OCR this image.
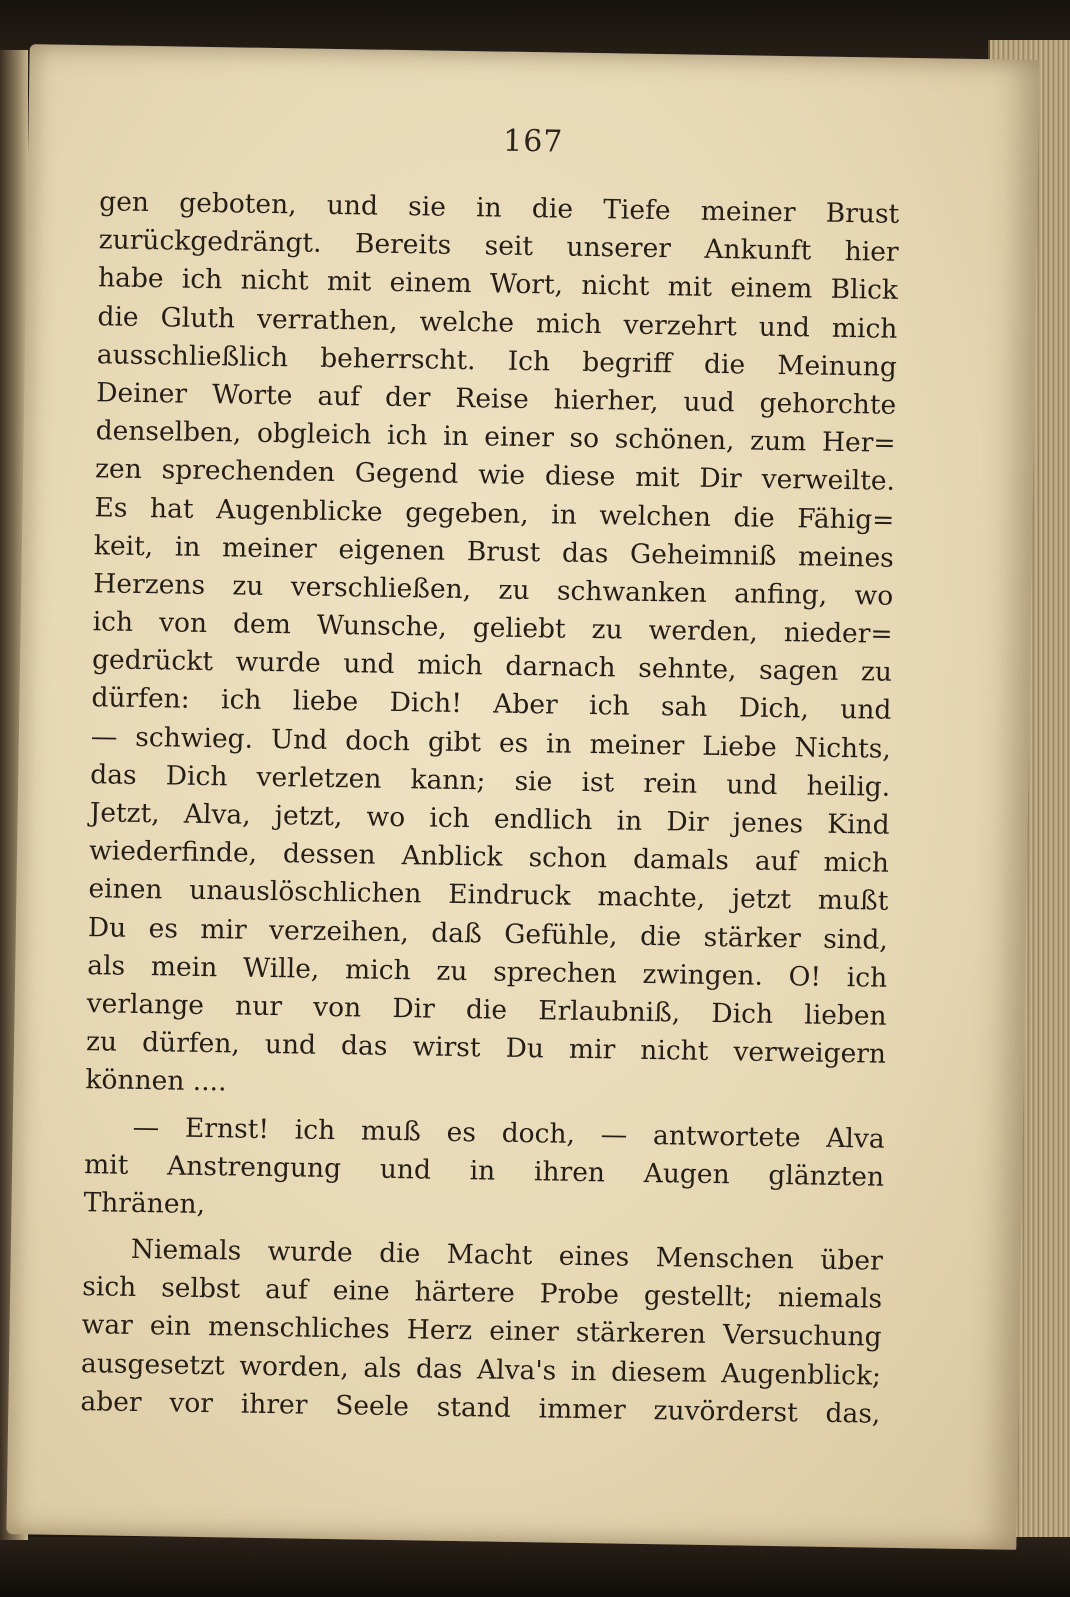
167
gen geboten, und sie in die Tiefe meiner Brust
zurückgedrängt. Bereits seit unserer Ankunft hier
habe ich nicht mit einem Wort, nicht mit einem Blick
die Gluth verrathen, welche mich verzehrt und mich
ausschließlich beherrscht. Ich begriff die Meinung
Deiner Worte auf der Reise hierher, uud gehorchte
denselben, obgleich ich in einer so schönen, zum Her=
zen sprechenden Gegend wie diese mit Dir verweilte.
Es hat Augenblicke gegeben, in welchen die Fähig=
keit, in meiner eigenen Brust das Geheimniß meines
Herzens zu verschließen, zu schwanken anfing, wo
ich von dem Wunsche, geliebt zu werden, nieder=
gedrückt wurde und mich darnach sehnte, sagen zu
dürfen: ich liebe Dich! Aber ich sah Dich, und
— schwieg. Und doch gibt es in meiner Liebe Nichts,
das Dich verletzen kann; sie ist rein und heilig.
Jetzt, Alva, jetzt, wo ich endlich in Dir jenes Kind
wiederfinde, dessen Anblick schon damals auf mich
einen unauslöschlichen Eindruck machte, jetzt mußt
Du es mir verzeihen, daß Gefühle, die stärker sind,
als mein Wille, mich zu sprechen zwingen. O! ich
verlange nur von Dir die Erlaubniß, Dich lieben
zu dürfen, und das wirst Du mir nicht verweigern
können ....
— Ernst! ich muß es doch, — antwortete Alva
mit Anstrengung und in ihren Augen glänzten
Thränen,
Niemals wurde die Macht eines Menschen über
sich selbst auf eine härtere Probe gestellt; niemals
war ein menschliches Herz einer stärkeren Versuchung
ausgesetzt worden, als das Alva's in diesem Augenblick;
aber vor ihrer Seele stand immer zuvörderst das,
